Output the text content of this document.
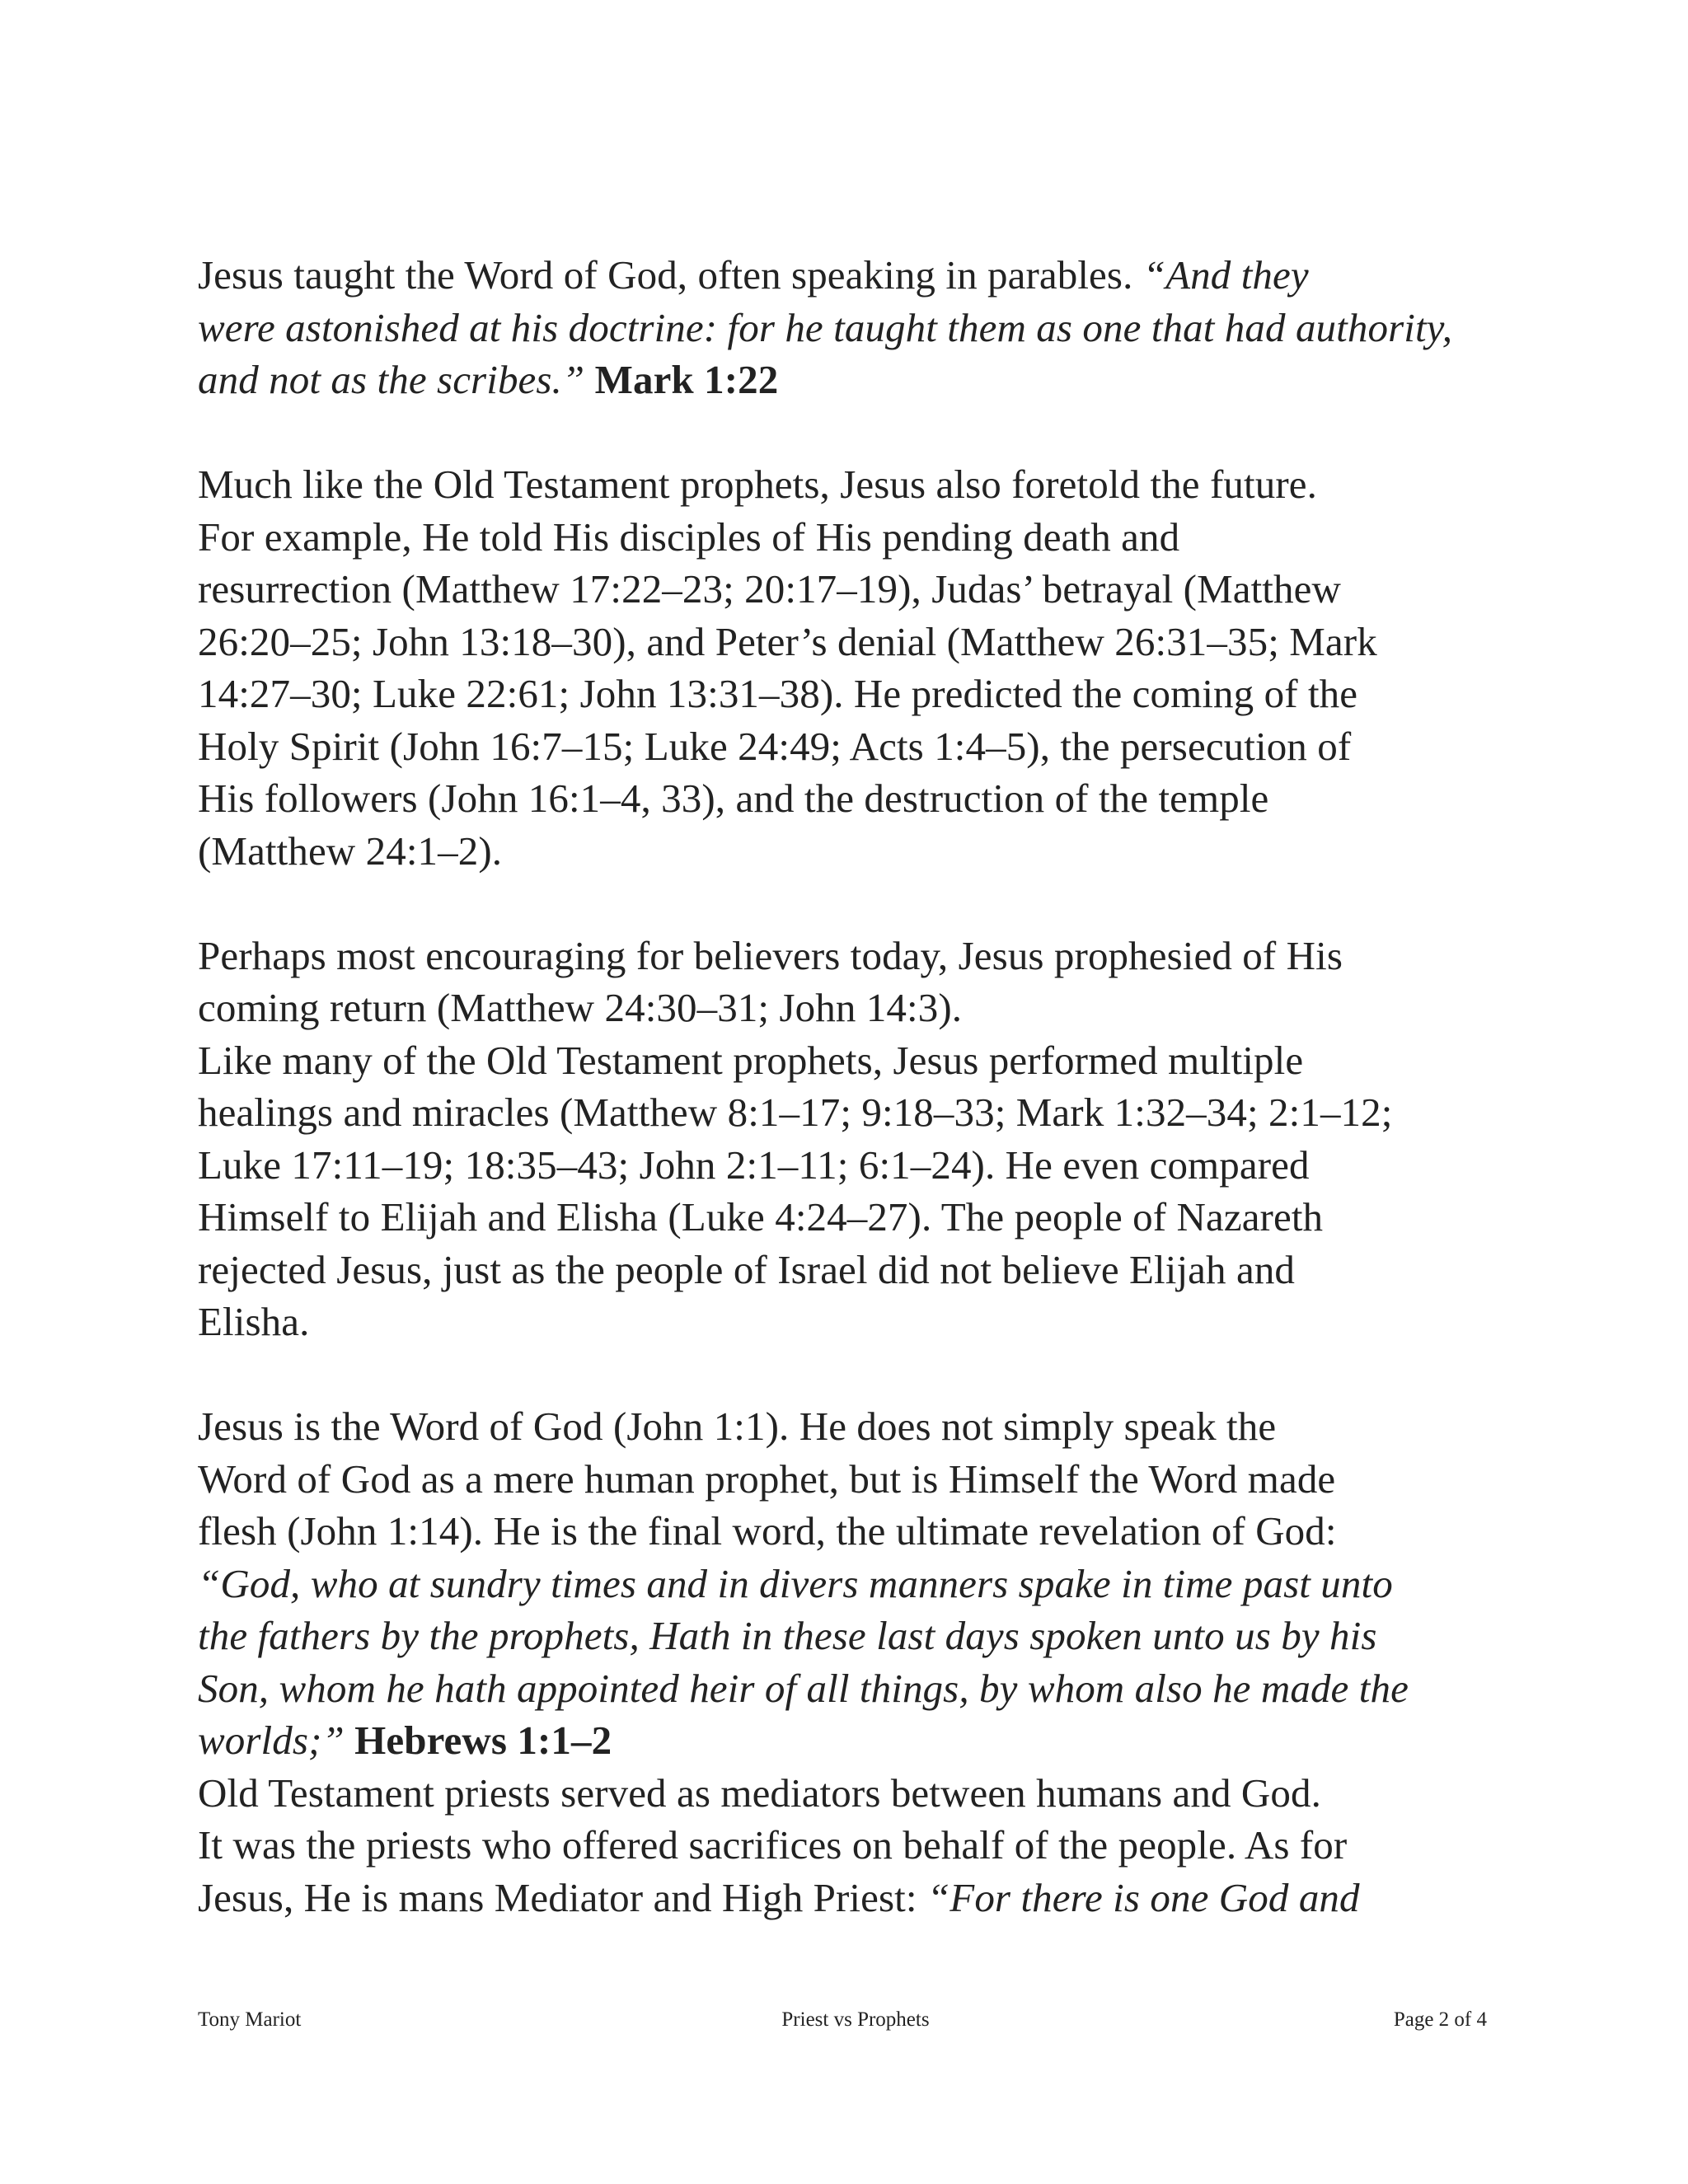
Jesus taught the Word of God, often speaking in parables. “And they
were astonished at his doctrine: for he taught them as one that had authority,
and not as the scribes.” Mark 1:22
Much like the Old Testament prophets, Jesus also foretold the future.
For example, He told His disciples of His pending death and
resurrection (Matthew 17:22–23; 20:17–19), Judas’ betrayal (Matthew
26:20–25; John 13:18–30), and Peter’s denial (Matthew 26:31–35; Mark
14:27–30; Luke 22:61; John 13:31–38). He predicted the coming of the
Holy Spirit (John 16:7–15; Luke 24:49; Acts 1:4–5), the persecution of
His followers (John 16:1–4, 33), and the destruction of the temple
(Matthew 24:1–2).
Perhaps most encouraging for believers today, Jesus prophesied of His
coming return (Matthew 24:30–31; John 14:3).
Like many of the Old Testament prophets, Jesus performed multiple
healings and miracles (Matthew 8:1–17; 9:18–33; Mark 1:32–34; 2:1–12;
Luke 17:11–19; 18:35–43; John 2:1–11; 6:1–24). He even compared
Himself to Elijah and Elisha (Luke 4:24–27). The people of Nazareth
rejected Jesus, just as the people of Israel did not believe Elijah and
Elisha.
Jesus is the Word of God (John 1:1). He does not simply speak the
Word of God as a mere human prophet, but is Himself the Word made
flesh (John 1:14). He is the final word, the ultimate revelation of God:
“God, who at sundry times and in divers manners spake in time past unto
the fathers by the prophets, Hath in these last days spoken unto us by his
Son, whom he hath appointed heir of all things, by whom also he made the
worlds;” Hebrews 1:1–2
Old Testament priests served as mediators between humans and God.
It was the priests who offered sacrifices on behalf of the people. As for
Jesus, He is mans Mediator and High Priest: “For there is one God and
Tony Mariot	Priest vs Prophets	Page 2 of 4
